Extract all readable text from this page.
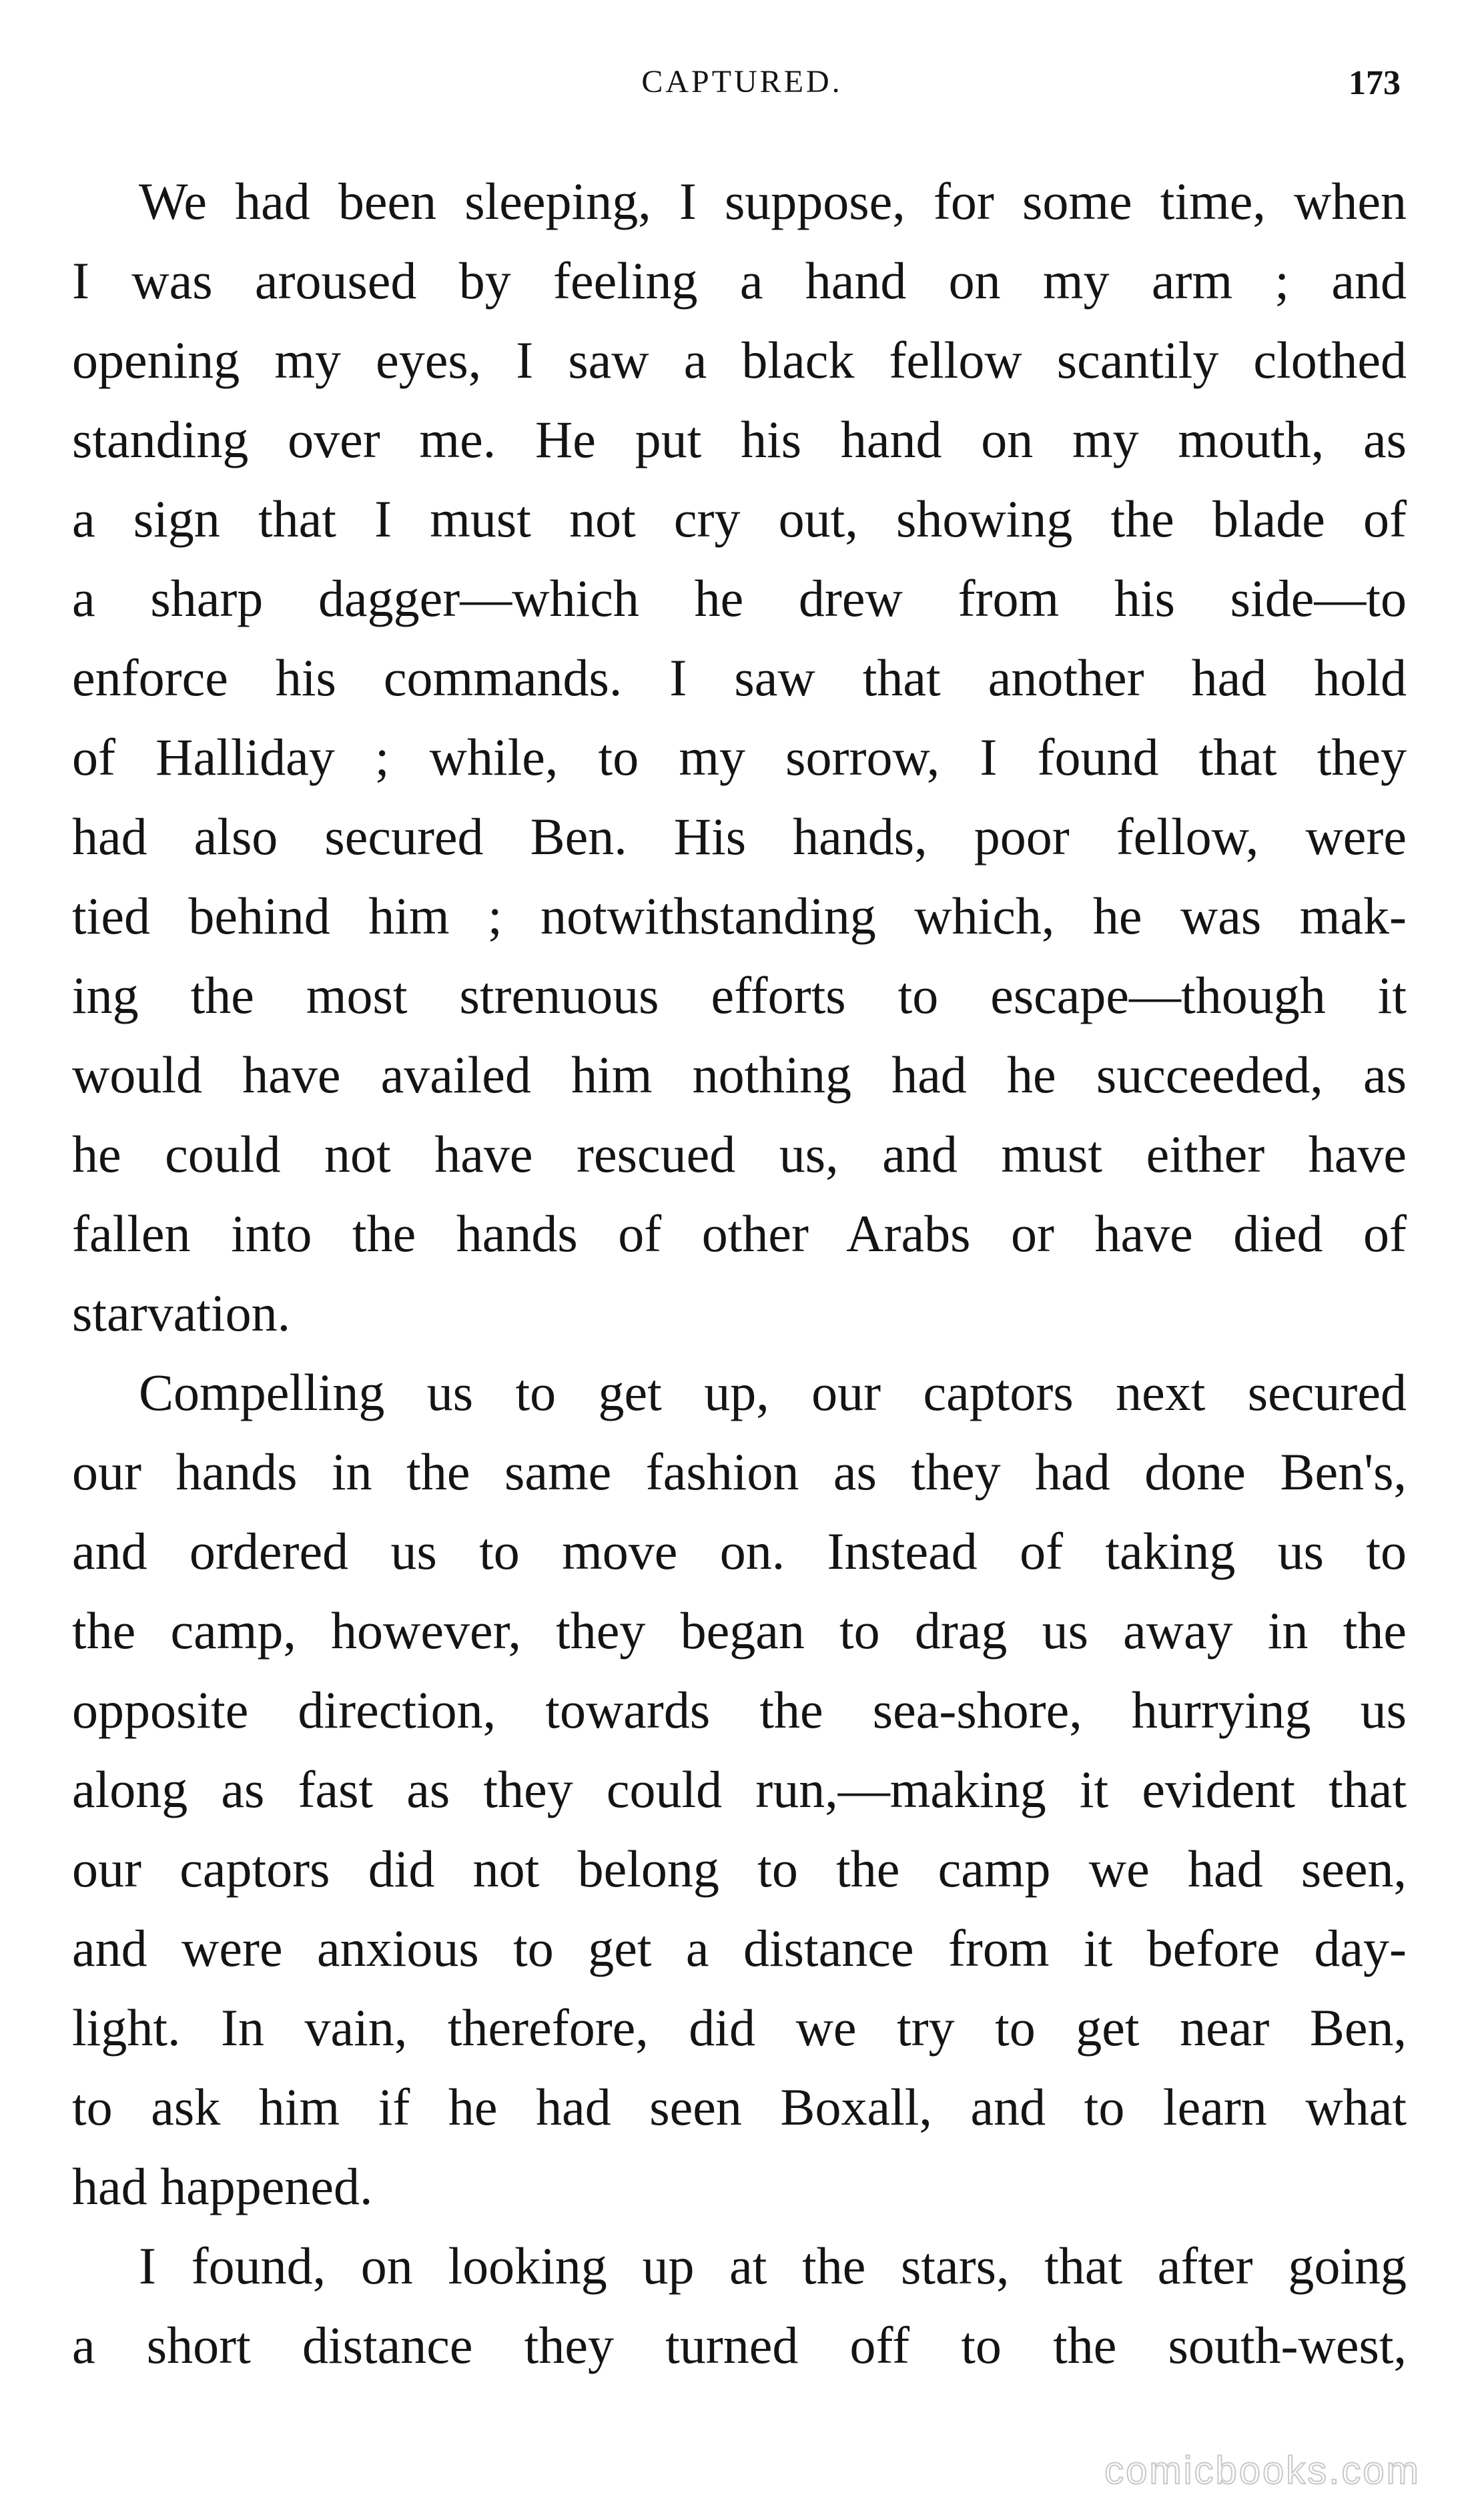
CAPTURED.	173
We had been sleeping, I suppose, for some time, when
I was aroused by feeling a hand on my arm ; and
opening my eyes, I saw a black fellow scantily clothed
standing over me. He put his hand on my mouth, as
a sign that I must not cry out, showing the blade of
a sharp dagger—which he drew from his side—to
enforce his commands. I saw that another had hold
of Halliday ; while, to my sorrow, I found that they
had also secured Ben. His hands, poor fellow, were
tied behind him ; notwithstanding which, he was mak-
ing the most strenuous efforts to escape—though it
would have availed him nothing had he succeeded, as
he could not have rescued us, and must either have
fallen into the hands of other Arabs or have died of
starvation.
Compelling us to get up, our captors next secured
our hands in the same fashion as they had done Ben's,
and ordered us to move on. Instead of taking us to
the camp, however, they began to drag us away in the
opposite direction, towards the sea-shore, hurrying us
along as fast as they could run,—making it evident that
our captors did not belong to the camp we had seen,
and were anxious to get a distance from it before day-
light. In vain, therefore, did we try to get near Ben,
to ask him if he had seen Boxall, and to learn what
had happened.
I found, on looking up at the stars, that after going
a short distance they turned off to the south-west,
comicbooks.com
